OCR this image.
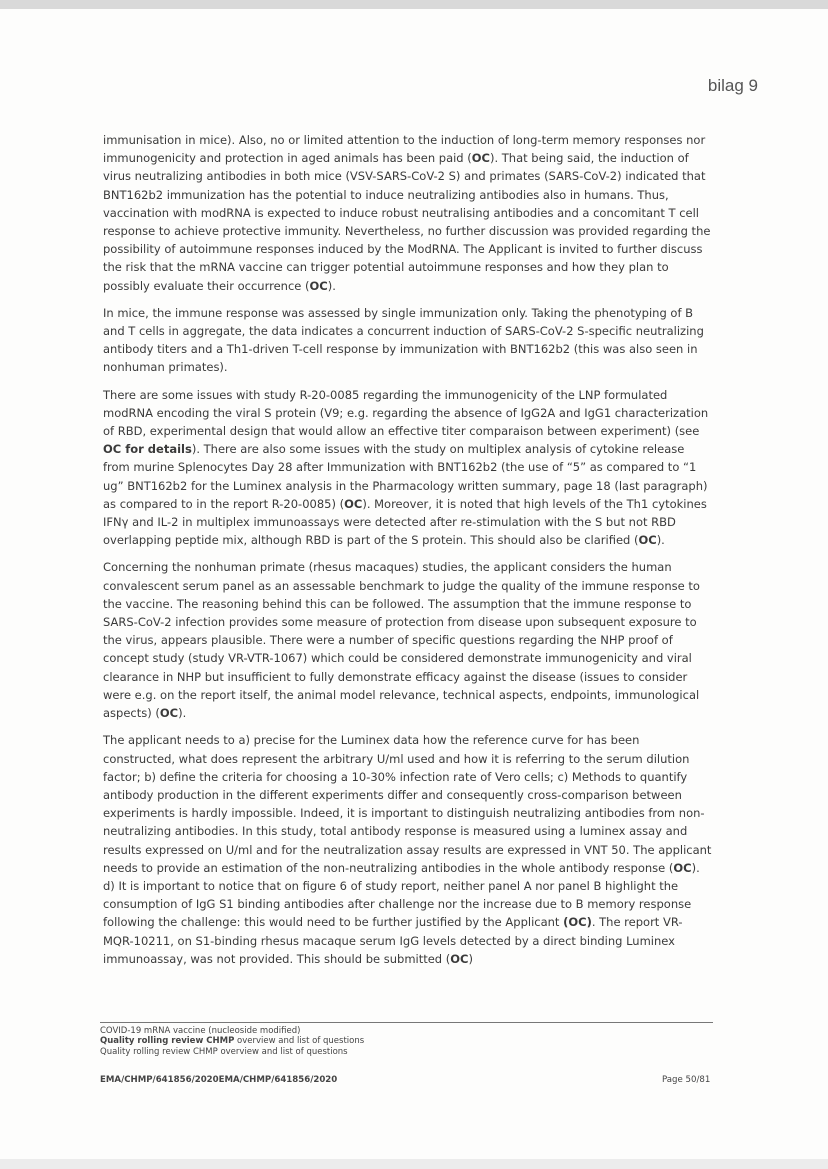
bilag 9

immunisation in mice). Also, no or limited attention to the induction of long-term memory responses nor immunogenicity and protection in aged animals has been paid (OC). That being said, the induction of virus neutralizing antibodies in both mice (VSV-SARS-CoV-2 S) and primates (SARS-CoV-2) indicated that BNT162b2 immunization has the potential to induce neutralizing antibodies also in humans. Thus, vaccination with modRNA is expected to induce robust neutralising antibodies and a concomitant T cell response to achieve protective immunity. Nevertheless, no further discussion was provided regarding the possibility of autoimmune responses induced by the ModRNA. The Applicant is invited to further discuss the risk that the mRNA vaccine can trigger potential autoimmune responses and how they plan to possibly evaluate their occurrence (OC).

In mice, the immune response was assessed by single immunization only. Taking the phenotyping of B and T cells in aggregate, the data indicates a concurrent induction of SARS-CoV-2 S-specific neutralizing antibody titers and a Th1-driven T-cell response by immunization with BNT162b2 (this was also seen in nonhuman primates).

There are some issues with study R-20-0085 regarding the immunogenicity of the LNP formulated modRNA encoding the viral S protein (V9; e.g. regarding the absence of IgG2A and IgG1 characterization of RBD, experimental design that would allow an effective titer comparaison between experiment) (see OC for details). There are also some issues with the study on multiplex analysis of cytokine release from murine Splenocytes Day 28 after Immunization with BNT162b2 (the use of “5” as compared to “1 ug” BNT162b2 for the Luminex analysis in the Pharmacology written summary, page 18 (last paragraph) as compared to in the report R-20-0085) (OC). Moreover, it is noted that high levels of the Th1 cytokines IFNγ and IL-2 in multiplex immunoassays were detected after re-stimulation with the S but not RBD overlapping peptide mix, although RBD is part of the S protein. This should also be clarified (OC).

Concerning the nonhuman primate (rhesus macaques) studies, the applicant considers the human convalescent serum panel as an assessable benchmark to judge the quality of the immune response to the vaccine. The reasoning behind this can be followed. The assumption that the immune response to SARS-CoV-2 infection provides some measure of protection from disease upon subsequent exposure to the virus, appears plausible. There were a number of specific questions regarding the NHP proof of concept study (study VR-VTR-1067) which could be considered demonstrate immunogenicity and viral clearance in NHP but insufficient to fully demonstrate efficacy against the disease (issues to consider were e.g. on the report itself, the animal model relevance, technical aspects, endpoints, immunological aspects) (OC).

The applicant needs to a) precise for the Luminex data how the reference curve for has been constructed, what does represent the arbitrary U/ml used and how it is referring to the serum dilution factor; b) define the criteria for choosing a 10-30% infection rate of Vero cells; c) Methods to quantify antibody production in the different experiments differ and consequently cross-comparison between experiments is hardly impossible. Indeed, it is important to distinguish neutralizing antibodies from non-neutralizing antibodies. In this study, total antibody response is measured using a luminex assay and results expressed on U/ml and for the neutralization assay results are expressed in VNT 50. The applicant needs to provide an estimation of the non-neutralizing antibodies in the whole antibody response (OC). d) It is important to notice that on figure 6 of study report, neither panel A nor panel B highlight the consumption of IgG S1 binding antibodies after challenge nor the increase due to B memory response following the challenge: this would need to be further justified by the Applicant (OC). The report VR-MQR-10211, on S1-binding rhesus macaque serum IgG levels detected by a direct binding Luminex immunoassay, was not provided. This should be submitted (OC)

COVID-19 mRNA vaccine (nucleoside modified)
Quality rolling review CHMP overview and list of questions
Quality rolling review CHMP overview and list of questions
EMA/CHMP/641856/2020EMA/CHMP/641856/2020	Page 50/81
